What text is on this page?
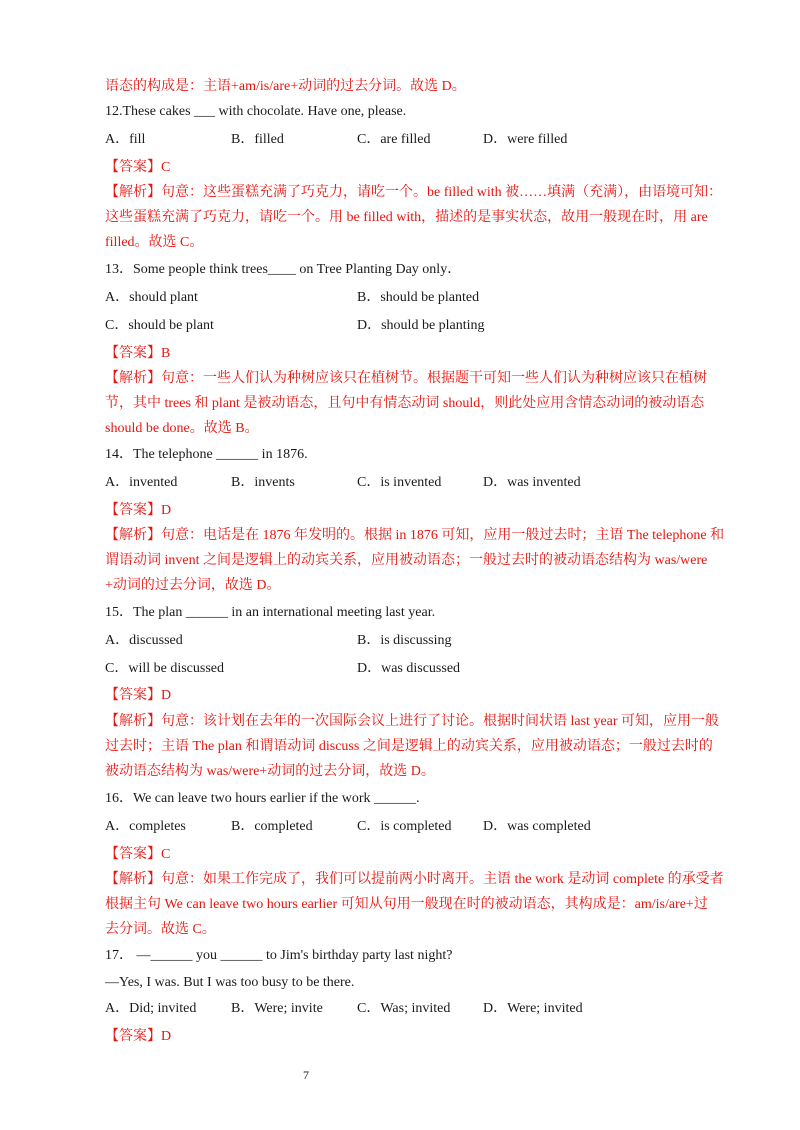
语态的构成是：主语+am/is/are+动词的过去分词。故选 D。
12.These cakes ___ with chocolate. Have one, please.
A．fill	B．filled	C．are filled	D．were filled
【答案】C
【解析】句意：这些蛋糕充满了巧克力，请吃一个。be filled with 被……填满（充满），由语境可知：
这些蛋糕充满了巧克力，请吃一个。用 be filled with，描述的是事实状态，故用一般现在时，用 are
filled。故选 C。
13．Some people think trees____ on Tree Planting Day only．
A．should plant	B．should be planted
C．should be plant	D．should be planting
【答案】B
【解析】句意：一些人们认为种树应该只在植树节。根据题干可知一些人们认为种树应该只在植树
节，其中 trees 和 plant 是被动语态，且句中有情态动词 should，则此处应用含情态动词的被动语态
should be done。故选 B。
14．The telephone ______ in 1876.
A．invented	B．invents	C．is invented	D．was invented
【答案】D
【解析】句意：电话是在 1876 年发明的。根据 in 1876 可知，应用一般过去时；主语 The telephone 和
谓语动词 invent 之间是逻辑上的动宾关系，应用被动语态；一般过去时的被动语态结构为 was/were
+动词的过去分词，故选 D。
15．The plan ______ in an international meeting last year.
A．discussed	B．is discussing
C．will be discussed	D．was discussed
【答案】D
【解析】句意：该计划在去年的一次国际会议上进行了讨论。根据时间状语 last year 可知，应用一般
过去时；主语 The plan 和谓语动词 discuss 之间是逻辑上的动宾关系，应用被动语态；一般过去时的
被动语态结构为 was/were+动词的过去分词，故选 D。
16．We can leave two hours earlier if the work ______.
A．completes	B．completed	C．is completed D．was completed
【答案】C
【解析】句意：如果工作完成了，我们可以提前两小时离开。主语 the work 是动词 complete 的承受者
根据主句 We can leave two hours earlier 可知从句用一般现在时的被动语态，其构成是：am/is/are+过
去分词。故选 C。
17． —______ you ______ to Jim's birthday party last night?
—Yes, I was. But I was too busy to be there.
A．Did; invited B．Were; invite C．Was; invited D．Were; invited
【答案】D
7
